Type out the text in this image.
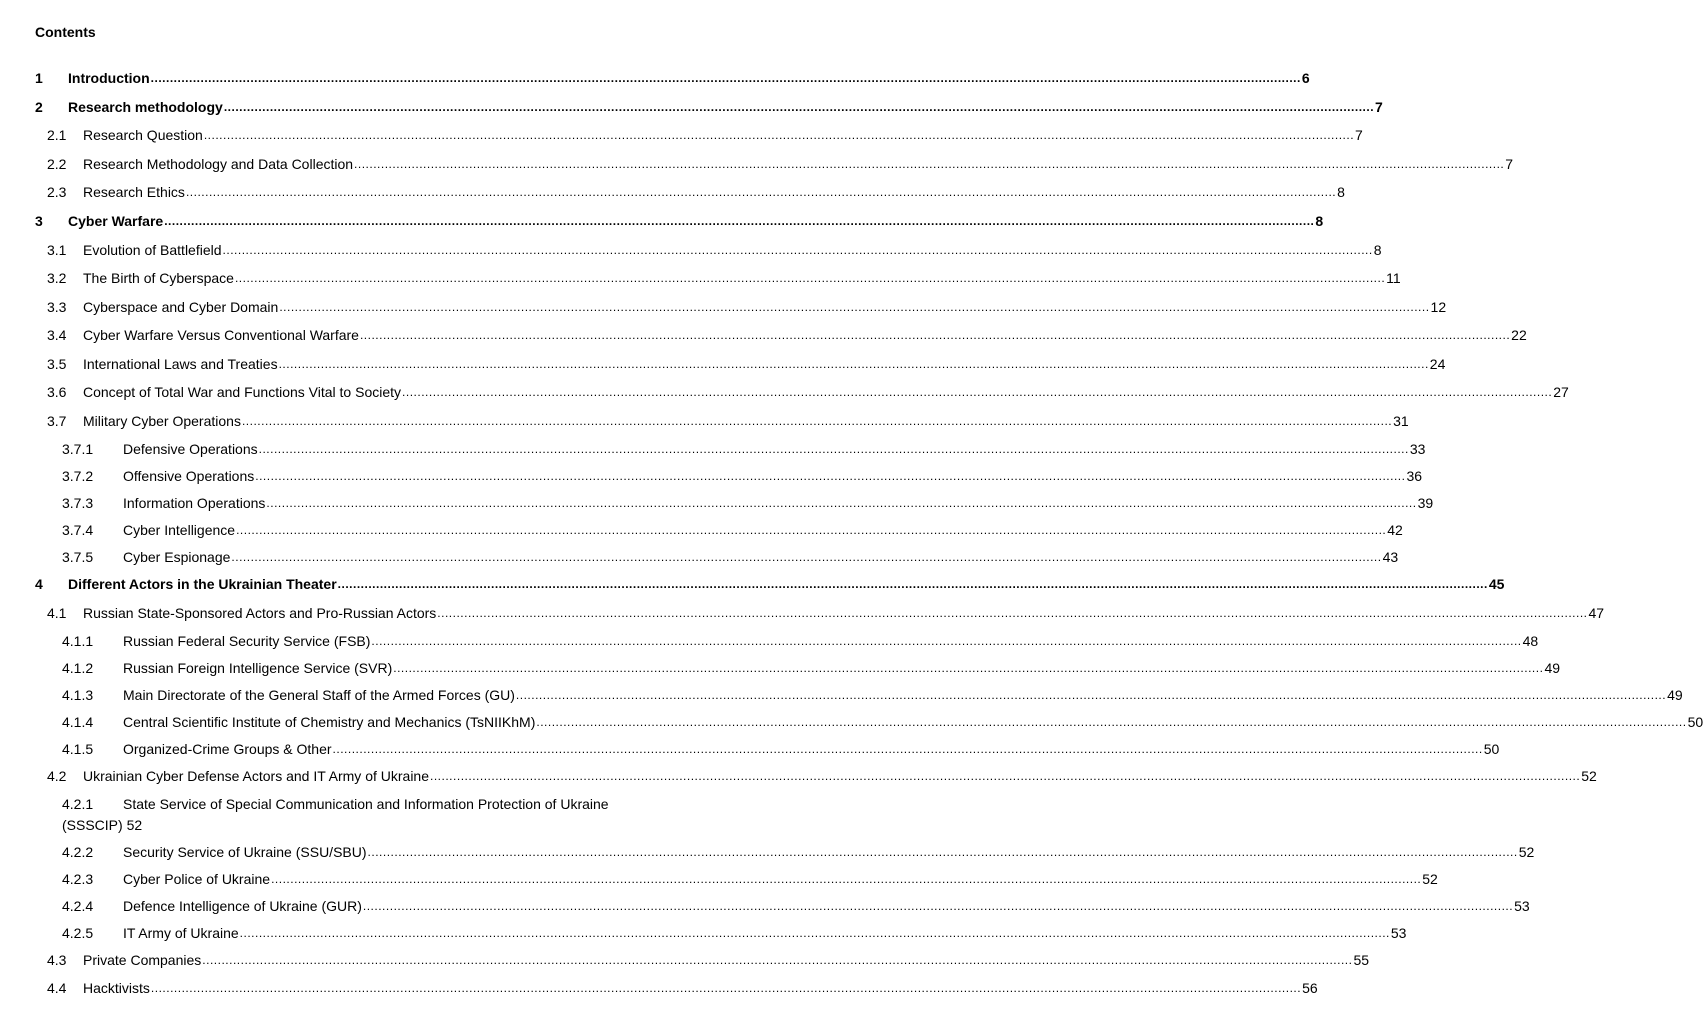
Contents
1	Introduction ............................................................................................................................................................................................................................................................................................................ 6
2	Research methodology ............................................................................................................................................................................................................................................................................................................ 7
2.1	Research Question ............................................................................................................................................................................................................................................................................................................ 7
2.2	Research Methodology and Data Collection ............................................................................................................................................................................................................................................................................................................ 7
2.3	Research Ethics ............................................................................................................................................................................................................................................................................................................ 8
3	Cyber Warfare ............................................................................................................................................................................................................................................................................................................ 8
3.1	Evolution of Battlefield ............................................................................................................................................................................................................................................................................................................ 8
3.2	The Birth of Cyberspace ............................................................................................................................................................................................................................................................................................................ 11
3.3	Cyberspace and Cyber Domain ............................................................................................................................................................................................................................................................................................................ 12
3.4	Cyber Warfare Versus Conventional Warfare ............................................................................................................................................................................................................................................................................................................ 22
3.5	International Laws and Treaties ............................................................................................................................................................................................................................................................................................................ 24
3.6	Concept of Total War and Functions Vital to Society ............................................................................................................................................................................................................................................................................................................ 27
3.7	Military Cyber Operations ............................................................................................................................................................................................................................................................................................................ 31
3.7.1	Defensive Operations ............................................................................................................................................................................................................................................................................................................ 33
3.7.2	Offensive Operations ............................................................................................................................................................................................................................................................................................................ 36
3.7.3	Information Operations ............................................................................................................................................................................................................................................................................................................ 39
3.7.4	Cyber Intelligence ............................................................................................................................................................................................................................................................................................................ 42
3.7.5	Cyber Espionage ............................................................................................................................................................................................................................................................................................................ 43
4	Different Actors in the Ukrainian Theater ............................................................................................................................................................................................................................................................................................................ 45
4.1	Russian State-Sponsored Actors and Pro-Russian Actors ............................................................................................................................................................................................................................................................................................................ 47
4.1.1	Russian Federal Security Service (FSB) ............................................................................................................................................................................................................................................................................................................ 48
4.1.2	Russian Foreign Intelligence Service (SVR) ............................................................................................................................................................................................................................................................................................................ 49
4.1.3	Main Directorate of the General Staff of the Armed Forces (GU) ............................................................................................................................................................................................................................................................................................................ 49
4.1.4	Central Scientific Institute of Chemistry and Mechanics (TsNIIKhM) ............................................................................................................................................................................................................................................................................................................ 50
4.1.5	Organized-Crime Groups & Other ............................................................................................................................................................................................................................................................................................................ 50
4.2	Ukrainian Cyber Defense Actors and IT Army of Ukraine ............................................................................................................................................................................................................................................................................................................ 52
4.2.1 State Service of Special Communication and Information Protection of Ukraine
(SSSCIP) 52
4.2.2	Security Service of Ukraine (SSU/SBU) ............................................................................................................................................................................................................................................................................................................ 52
4.2.3	Cyber Police of Ukraine ............................................................................................................................................................................................................................................................................................................ 52
4.2.4	Defence Intelligence of Ukraine (GUR) ............................................................................................................................................................................................................................................................................................................ 53
4.2.5	IT Army of Ukraine ............................................................................................................................................................................................................................................................................................................ 53
4.3	Private Companies ............................................................................................................................................................................................................................................................................................................ 55
4.4	Hacktivists ............................................................................................................................................................................................................................................................................................................ 56
